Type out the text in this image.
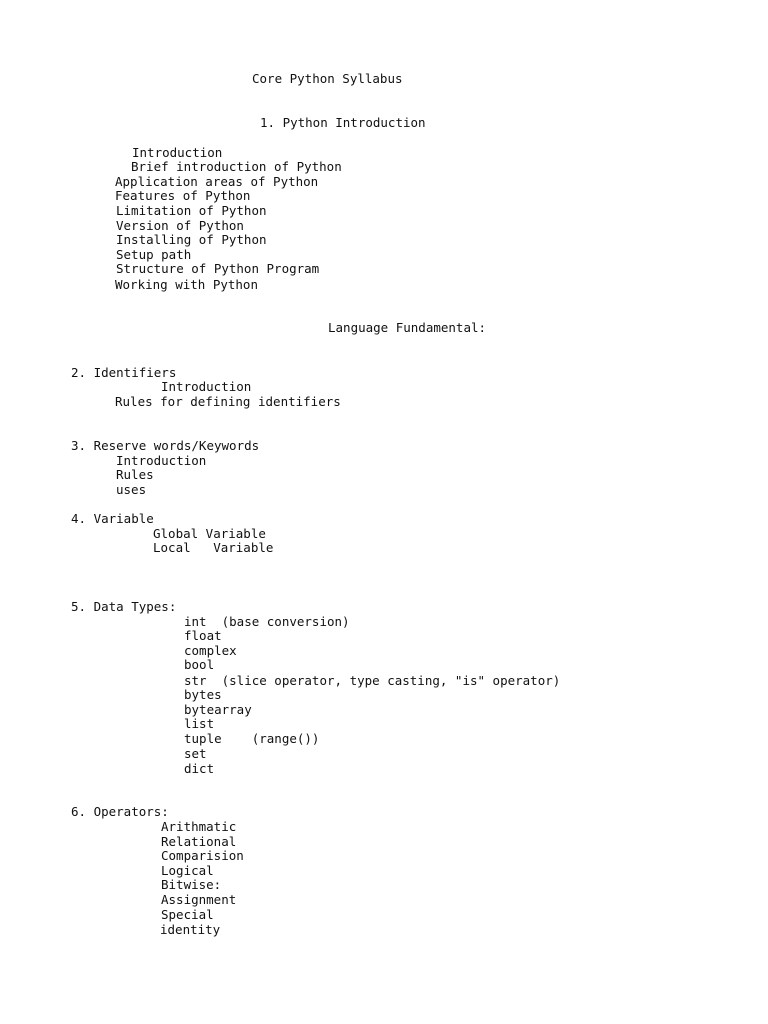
Core Python Syllabus
1. Python Introduction
Introduction
Brief introduction of Python
Application areas of Python
Features of Python
Limitation of Python
Version of Python
Installing of Python
Setup path
Structure of Python Program
Working with Python
Language Fundamental:
2. Identifiers
Introduction
Rules for defining identifiers
3. Reserve words/Keywords
Introduction
Rules
uses
4. Variable
Global Variable
Local   Variable
5. Data Types:
int  (base conversion)
float
complex
bool
str  (slice operator, type casting, "is" operator)
bytes
bytearray
list
tuple    (range())
set
dict
6. Operators:
Arithmatic
Relational
Comparision
Logical
Bitwise:
Assignment
Special
identity
